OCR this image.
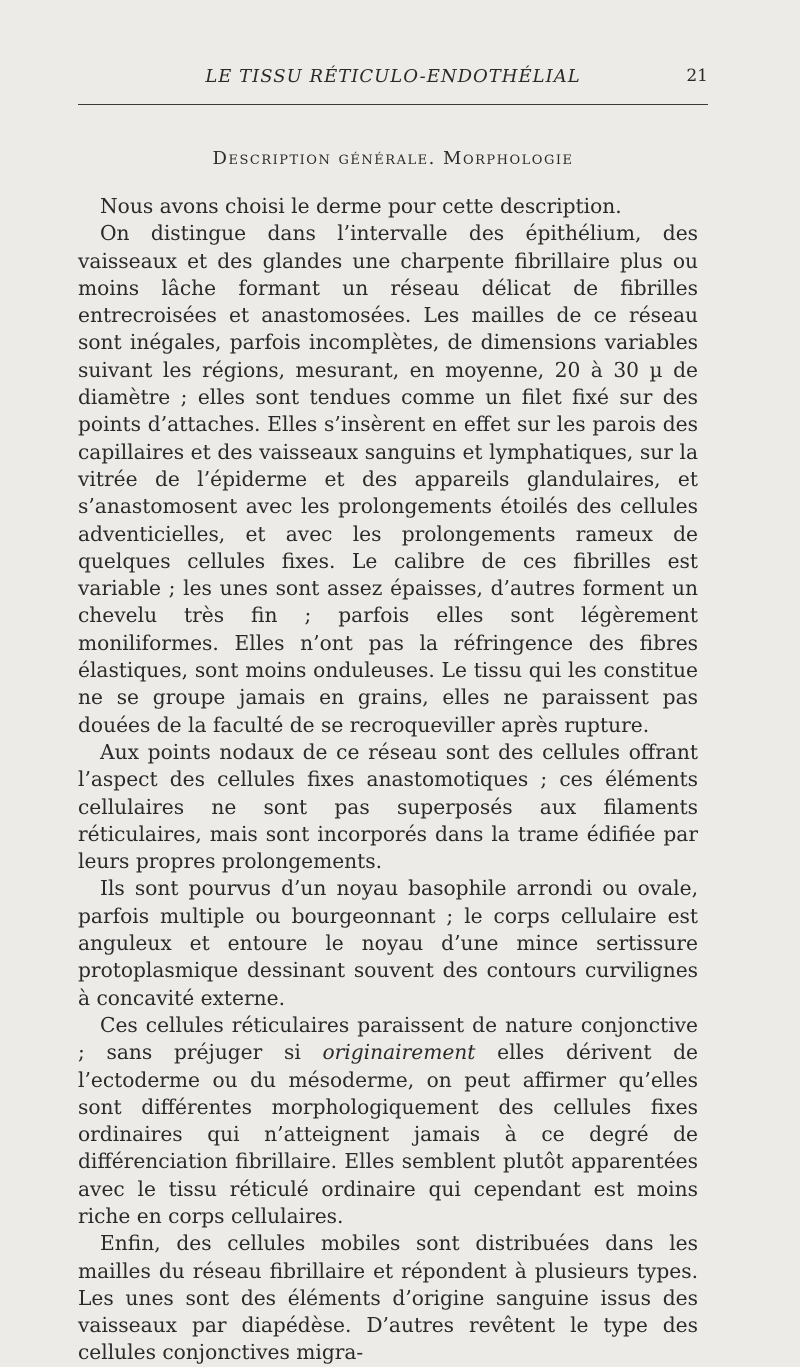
LE TISSU RÉTICULO-ENDOTHÉLIAL	21
Description générale. Morphologie

Nous avons choisi le derme pour cette description.

On distingue dans l’intervalle des épithélium, des vaisseaux et des glandes une charpente fibrillaire plus ou moins lâche formant un réseau délicat de fibrilles entrecroisées et anastomosées. Les mailles de ce réseau sont inégales, parfois incomplètes, de dimensions variables suivant les régions, mesurant, en moyenne, 20 à 30 µ de diamètre ; elles sont tendues comme un filet fixé sur des points d’attaches. Elles s’insèrent en effet sur les parois des capillaires et des vaisseaux sanguins et lymphatiques, sur la vitrée de l’épiderme et des appareils glandulaires, et s’anastomosent avec les prolongements étoilés des cellules adventicielles, et avec les prolongements rameux de quelques cellules fixes. Le calibre de ces fibrilles est variable ; les unes sont assez épaisses, d’autres forment un chevelu très fin ; parfois elles sont légèrement moniliformes. Elles n’ont pas la réfringence des fibres élastiques, sont moins onduleuses. Le tissu qui les constitue ne se groupe jamais en grains, elles ne paraissent pas douées de la faculté de se recroqueviller après rupture.

Aux points nodaux de ce réseau sont des cellules offrant l’aspect des cellules fixes anastomotiques ; ces éléments cellulaires ne sont pas superposés aux filaments réticulaires, mais sont incorporés dans la trame édifiée par leurs propres prolongements.

Ils sont pourvus d’un noyau basophile arrondi ou ovale, parfois multiple ou bourgeonnant ; le corps cellulaire est anguleux et entoure le noyau d’une mince sertissure protoplasmique dessinant souvent des contours curvilignes à concavité externe.

Ces cellules réticulaires paraissent de nature conjonctive ; sans préjuger si originairement elles dérivent de l’ectoderme ou du mésoderme, on peut affirmer qu’elles sont différentes morphologiquement des cellules fixes ordinaires qui n’atteignent jamais à ce degré de différenciation fibrillaire. Elles semblent plutôt apparentées avec le tissu réticulé ordinaire qui cependant est moins riche en corps cellulaires.

Enfin, des cellules mobiles sont distribuées dans les mailles du réseau fibrillaire et répondent à plusieurs types. Les unes sont des éléments d’origine sanguine issus des vaisseaux par diapédèse. D’autres revêtent le type des cellules conjonctives migra-
